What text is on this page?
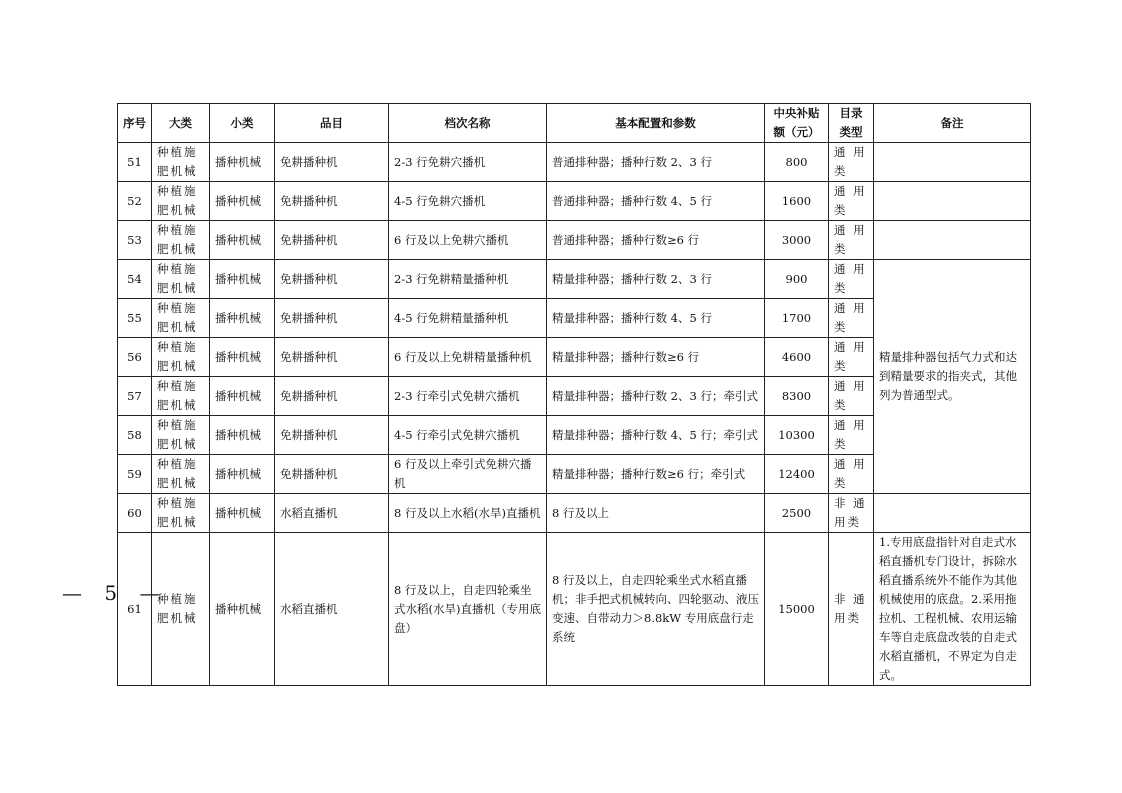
序号	大类	小类	品目	档次名称	基本配置和参数	中央补贴额（元）	目录类型	备注
51	种植施肥机械	播种机械	免耕播种机	2-3 行免耕穴播机	普通排种器；播种行数 2、3 行	800	通 用 类	
52	种植施肥机械	播种机械	免耕播种机	4-5 行免耕穴播机	普通排种器；播种行数 4、5 行	1600	通 用 类	
53	种植施肥机械	播种机械	免耕播种机	6 行及以上免耕穴播机	普通排种器；播种行数≥6 行	3000	通 用 类	
54	种植施肥机械	播种机械	免耕播种机	2-3 行免耕精量播种机	精量排种器；播种行数 2、3 行	900	通 用 类	精量排种器包括气力式和达到精量要求的指夹式，其他列为普通型式。
55	种植施肥机械	播种机械	免耕播种机	4-5 行免耕精量播种机	精量排种器；播种行数 4、5 行	1700	通 用 类	
56	种植施肥机械	播种机械	免耕播种机	6 行及以上免耕精量播种机	精量排种器；播种行数≥6 行	4600	通 用 类	
57	种植施肥机械	播种机械	免耕播种机	2-3 行牵引式免耕穴播机	精量排种器；播种行数 2、3 行；牵引式	8300	通 用 类	
58	种植施肥机械	播种机械	免耕播种机	4-5 行牵引式免耕穴播机	精量排种器；播种行数 4、5 行；牵引式	10300	通 用 类	
59	种植施肥机械	播种机械	免耕播种机	6 行及以上牵引式免耕穴播机	精量排种器；播种行数≥6 行；牵引式	12400	通 用 类	
60	种植施肥机械	播种机械	水稻直播机	8 行及以上水稻(水旱)直播机	8 行及以上	2500	非 通 用类	
61	种植施肥机械	播种机械	水稻直播机	8 行及以上，自走四轮乘坐式水稻(水旱)直播机（专用底盘）	8 行及以上，自走四轮乘坐式水稻直播机；非手把式机械转向、四轮驱动、液压变速、自带动力＞8.8kW 专用底盘行走系统	15000	非 通 用类	1.专用底盘指针对自走式水稻直播机专门设计，拆除水稻直播系统外不能作为其他机械使用的底盘。2.采用拖拉机、工程机械、农用运输车等自走底盘改装的自走式水稻直播机，不界定为自走式。
— 5 —
